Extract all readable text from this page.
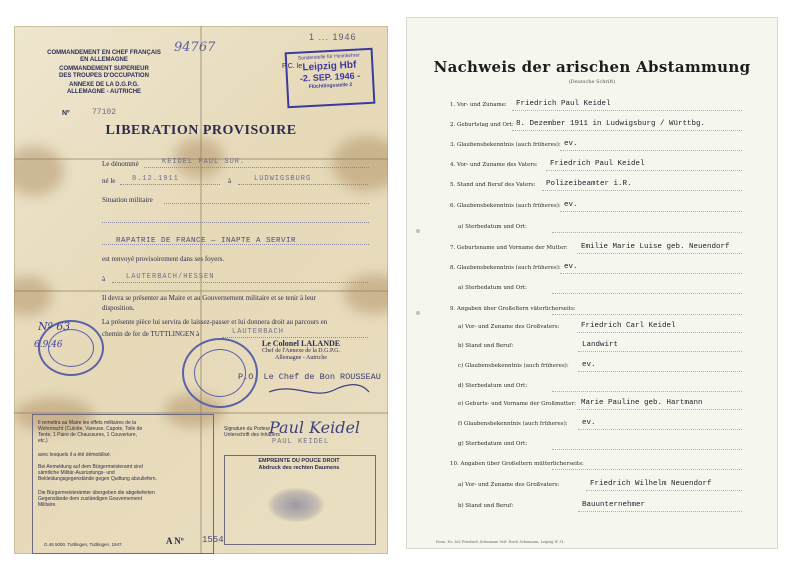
COMMANDEMENT EN CHEF FRANÇAIS
EN ALLEMAGNE
COMMANDEMENT SUPERIEUR
DES TROUPES D'OCCUPATION
ANNEXE DE LA D.G.P.G.
ALLEMAGNE - AUTRICHE
Nº	77102
94767
P.C. le
1 ... 1946
Sonderstelle für Heimkehrer
Leipzig Hbf
-2. SEP. 1946 -
Flüchtlingsstelle 2
LIBERATION PROVISOIRE
Le dénommé	KEIDEL PAUL SUR.
né le 8.12.1911	à	LUDWIGSBURG
Situation militaire
RAPATRIE DE FRANCE — INAPTE A SERVIR
est renvoyé provisoirement dans ses foyers.
à	LAUTERBACH/HESSEN
Il devra se présenter au Maire et au Gouvernement militaire et se tenir à leur
disposition.
La présente pièce lui servira de laissez-passer et lui donnera droit au parcours en
chemin de fer de TUTTLINGEN à	LAUTERBACH
Le Colonel LALANDE
Chef de l'Annexe de la D.G.P.G.
Allemagne - Autriche
P.O. Le Chef de Bon ROUSSEAU
Nº 63
6.9.46
Il remettra au Maire les effets militaires de la Wehrmacht (Culotte, Vareuse, Capote, Toile de Tente, 1 Paire de Chaussures, 1 Couverture, etc.)
avec lesquels il a été démobilisé.
Bei Anmeldung auf dem Bürgermeisteramt sind sämtliche Militär-Ausrüstungs- und Bekleidungsgegenstände gegen Quittung abzuliefern.
Die Bürgermeisterämter übergeben die abgelieferten Gegenstände dem zuständigen Gouvernement Militaire.
Signature du Porteur
Unterschrift des Inhabers
Paul Keidel
PAUL KEIDEL
EMPREINTE DU POUCE DROIT
Abdruck des rechten Daumens
G.46 5000. Tuttlingen, Tuttlingen. 1947.	A Nº 1554
Nachweis der arischen Abstammung
(Deutsche Schrift)
1. Vor- und Zuname: Friedrich Paul Keidel
2. Geburtstag und Ort: 8. Dezember 1911 in Ludwigsburg / Württbg.
3. Glaubensbekenntnis (auch früheres): ev.
4. Vor- und Zuname des Vaters: Friedrich Paul Keidel
5. Stand und Beruf des Vaters: Polizeibeamter i.R.
6. Glaubensbekenntnis (auch früheres): ev.
a) Sterbedatum und Ort:
7. Geburtsname und Vorname der Mutter: Emilie Marie Luise geb. Neuendorf
8. Glaubensbekenntnis (auch früheres): ev.
a) Sterbedatum und Ort:
9. Angaben über Großeltern väterlicherseits:
a) Vor- und Zuname des Großvaters:	Friedrich Carl Keidel
b) Stand und Beruf:	Landwirt
c) Glaubensbekenntnis (auch früheres): ev.
d) Sterbedatum und Ort:
e) Geburts- und Vorname der Großmutter: Marie Pauline geb. Hartmann
f) Glaubensbekenntnis (auch früheres): ev.
g) Sterbedatum und Ort:
10. Angaben über Großeltern mütterlicherseits:
a) Vor- und Zuname des Großvaters:	Friedrich Wilhelm Neuendorf
b) Stand und Beruf:	Bauunternehmer
Form. Nr. 362 Friedrich Schumann Verl. Erich Schumann, Leipzig W 31.
